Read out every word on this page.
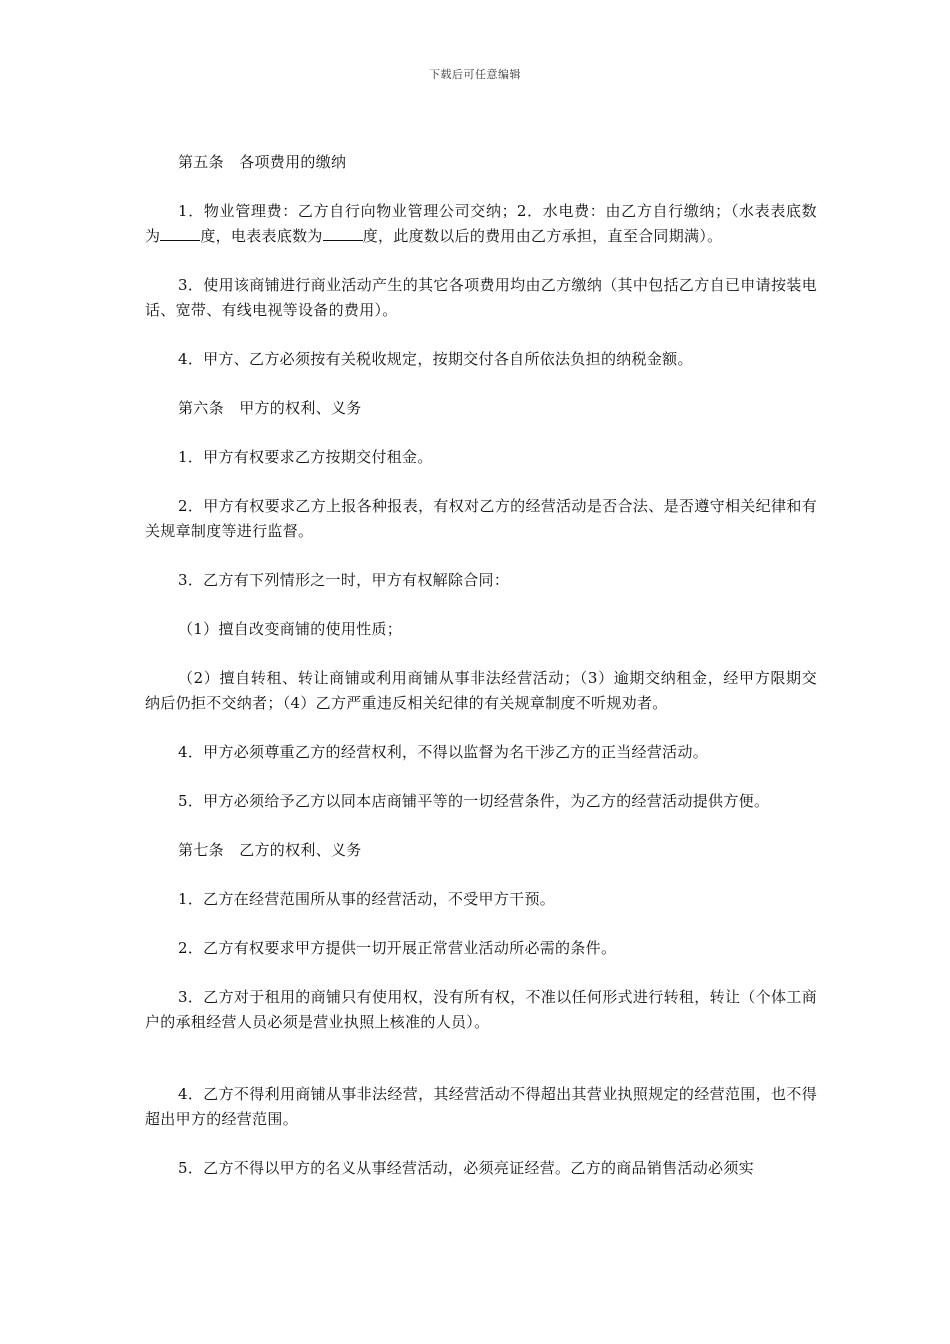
下载后可任意编辑

第五条　各项费用的缴纳

1．物业管理费：乙方自行向物业管理公司交纳；2．水电费：由乙方自行缴纳；（水表表底数为	度，电表表底数为	度，此度数以后的费用由乙方承担，直至合同期满）。

3．使用该商铺进行商业活动产生的其它各项费用均由乙方缴纳（其中包括乙方自已申请按装电话、宽带、有线电视等设备的费用）。

4．甲方、乙方必须按有关税收规定，按期交付各自所依法负担的纳税金额。

第六条　甲方的权利、义务

1．甲方有权要求乙方按期交付租金。

2．甲方有权要求乙方上报各种报表，有权对乙方的经营活动是否合法、是否遵守相关纪律和有关规章制度等进行监督。

3．乙方有下列情形之一时，甲方有权解除合同：

（1）擅自改变商铺的使用性质；

（2）擅自转租、转让商铺或利用商铺从事非法经营活动；（3）逾期交纳租金，经甲方限期交纳后仍拒不交纳者；（4）乙方严重违反相关纪律的有关规章制度不听规劝者。

4．甲方必须尊重乙方的经营权利，不得以监督为名干涉乙方的正当经营活动。

5．甲方必须给予乙方以同本店商铺平等的一切经营条件，为乙方的经营活动提供方便。

第七条　乙方的权利、义务

1．乙方在经营范围所从事的经营活动，不受甲方干预。

2．乙方有权要求甲方提供一切开展正常营业活动所必需的条件。

3．乙方对于租用的商铺只有使用权，没有所有权，不准以任何形式进行转租，转让（个体工商户的承租经营人员必须是营业执照上核准的人员）。

4．乙方不得利用商铺从事非法经营，其经营活动不得超出其营业执照规定的经营范围，也不得超出甲方的经营范围。

5．乙方不得以甲方的名义从事经营活动，必须亮证经营。乙方的商品销售活动必须实
